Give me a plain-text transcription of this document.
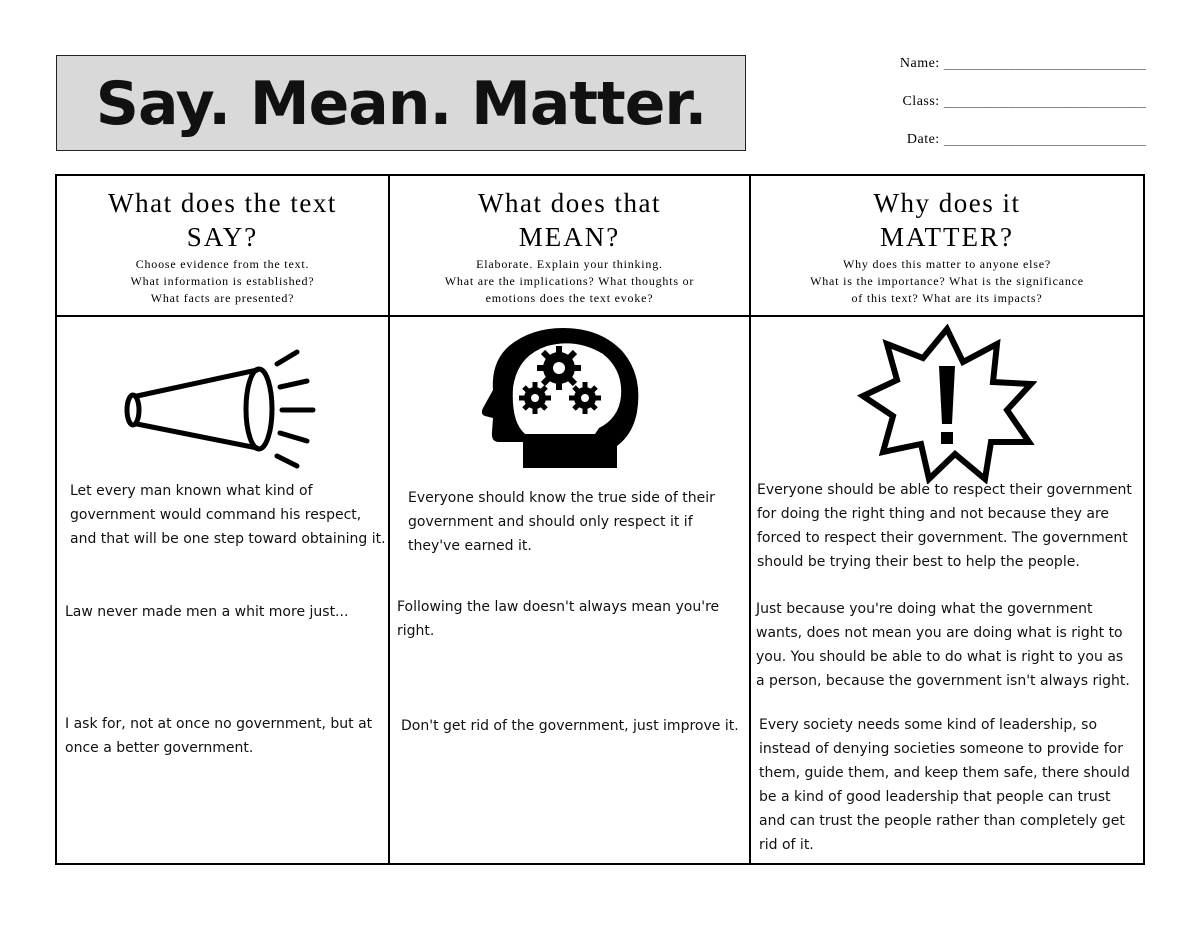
Say. Mean. Matter.
Name: ____________________________
Class: ____________________________
Date: ____________________________
What does the text
SAY?
Choose evidence from the text.
What information is established?
What facts are presented?
What does that
MEAN?
Elaborate. Explain your thinking.
What are the implications? What thoughts or
emotions does the text evoke?
Why does it
MATTER?
Why does this matter to anyone else?
What is the importance? What is the significance
of this text? What are its impacts?
Let every man known what kind of government would command his respect, and that will be one step toward obtaining it.
Law never made men a whit more just...
I ask for, not at once no government, but at once a better government.
Everyone should know the true side of their government and should only respect it if they've earned it.
Following the law doesn't always mean you're right.
Don't get rid of the government, just improve it.
Everyone should be able to respect their government for doing the right thing and not because they are forced to respect their government. The government should be trying their best to help the people.
Just because you're doing what the government wants, does not mean you are doing what is right to you. You should be able to do what is right to you as a person, because the government isn't always right.
Every society needs some kind of leadership, so instead of denying societies someone to provide for them, guide them, and keep them safe, there should be a kind of good leadership that people can trust and can trust the people rather than completely get rid of it.
